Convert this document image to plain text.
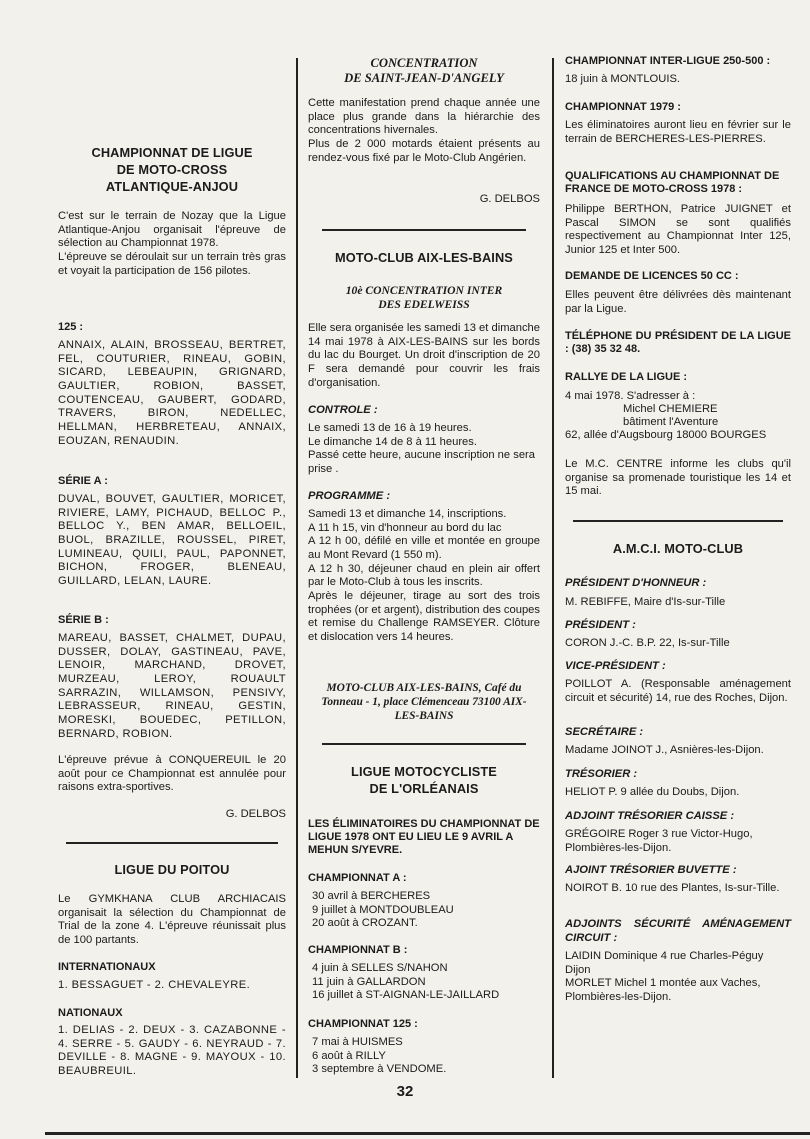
CHAMPIONNAT DE LIGUE
DE MOTO-CROSS
ATLANTIQUE-ANJOU
C'est sur le terrain de Nozay que la Ligue Atlantique-Anjou organisait l'épreuve de sélection au Championnat 1978.
L'épreuve se déroulait sur un terrain très gras et voyait la participation de 156 pilotes.
125 :
ANNAIX, ALAIN, BROSSEAU, BERTRET, FEL, COUTURIER, RINEAU, GOBIN, SICARD, LEBEAUPIN, GRIGNARD, GAULTIER, ROBION, BASSET, COUTENCEAU, GAUBERT, GODARD, TRAVERS, BIRON, NEDELLEC, HELLMAN, HERBRETEAU, ANNAIX, EOUZAN, RENAUDIN.
SÉRIE A :
DUVAL, BOUVET, GAULTIER, MORICET, RIVIERE, LAMY, PICHAUD, BELLOC P., BELLOC Y., BEN AMAR, BELLOEIL, BUOL, BRAZILLE, ROUSSEL, PIRET, LUMINEAU, QUILI, PAUL, PAPONNET, BICHON, FROGER, BLENEAU, GUILLARD, LELAN, LAURE.
SÉRIE B :
MAREAU, BASSET, CHALMET, DUPAU, DUSSER, DOLAY, GASTINEAU, PAVE, LENOIR, MARCHAND, DROVET, MURZEAU, LEROY, ROUAULT SARRAZIN, WILLAMSON, PENSIVY, LEBRASSEUR, RINEAU, GESTIN, MORESKI, BOUEDEC, PETILLON, BERNARD, ROBION.
L'épreuve prévue à CONQUEREUIL le 20 août pour ce Championnat est annulée pour raisons extra-sportives.
G. DELBOS
LIGUE DU POITOU
Le GYMKHANA CLUB ARCHIACAIS organisait la sélection du Championnat de Trial de la zone 4. L'épreuve réunissait plus de 100 partants.
INTERNATIONAUX
1. BESSAGUET - 2. CHEVALEYRE.
NATIONAUX
1. DELIAS - 2. DEUX - 3. CAZABONNE - 4. SERRE - 5. GAUDY - 6. NEYRAUD - 7. DEVILLE - 8. MAGNE - 9. MAYOUX - 10. BEAUBREUIL.
CONCENTRATION
DE SAINT-JEAN-D'ANGELY
Cette manifestation prend chaque année une place plus grande dans la hiérarchie des concentrations hivernales.
Plus de 2 000 motards étaient présents au rendez-vous fixé par le Moto-Club Angérien.
G. DELBOS
MOTO-CLUB AIX-LES-BAINS
10è CONCENTRATION INTER
DES EDELWEISS
Elle sera organisée les samedi 13 et dimanche 14 mai 1978 à AIX-LES-BAINS sur les bords du lac du Bourget. Un droit d'inscription de 20 F sera demandé pour couvrir les frais d'organisation.
CONTROLE :
Le samedi 13 de 16 à 19 heures.
Le dimanche 14 de 8 à 11 heures.
Passé cette heure, aucune inscription ne sera prise .
PROGRAMME :
Samedi 13 et dimanche 14, inscriptions.
A 11 h 15, vin d'honneur au bord du lac
A 12 h 00, défilé en ville et montée en groupe au Mont Revard (1 550 m).
A 12 h 30, déjeuner chaud en plein air offert par le Moto-Club à tous les inscrits.
Après le déjeuner, tirage au sort des trois trophées (or et argent), distribution des coupes et remise du Challenge RAMSEYER. Clôture et dislocation vers 14 heures.
MOTO-CLUB AIX-LES-BAINS, Café du Tonneau - 1, place Clémenceau 73100 AIX-LES-BAINS
LIGUE MOTOCYCLISTE
DE L'ORLÉANAIS
LES ÉLIMINATOIRES DU CHAMPIONNAT DE LIGUE 1978 ONT EU LIEU LE 9 AVRIL A MEHUN S/YEVRE.
CHAMPIONNAT A :
30 avril à BERCHERES
9 juillet à MONTDOUBLEAU
20 août à CROZANT.
CHAMPIONNAT B :
4 juin à SELLES S/NAHON
11 juin à GALLARDON
16 juillet à ST-AIGNAN-LE-JAILLARD
CHAMPIONNAT 125 :
7 mai à HUISMES
6 août à RILLY
3 septembre à VENDOME.
CHAMPIONNAT INTER-LIGUE 250-500 :
18 juin à MONTLOUIS.
CHAMPIONNAT 1979 :
Les éliminatoires auront lieu en février sur le terrain de BERCHERES-LES-PIERRES.
QUALIFICATIONS AU CHAMPIONNAT DE FRANCE DE MOTO-CROSS 1978 :
Philippe BERTHON, Patrice JUIGNET et Pascal SIMON se sont qualifiés respectivement au Championnat Inter 125, Junior 125 et Inter 500.
DEMANDE DE LICENCES 50 CC :
Elles peuvent être délivrées dès maintenant par la Ligue.
TÉLÉPHONE DU PRÉSIDENT DE LA LIGUE : (38) 35 32 48.
RALLYE DE LA LIGUE :
4 mai 1978. S'adresser à :
Michel CHEMIERE
bâtiment l'Aventure
62, allée d'Augsbourg 18000 BOURGES
Le M.C. CENTRE informe les clubs qu'il organise sa promenade touristique les 14 et 15 mai.
A.M.C.I. MOTO-CLUB
PRÉSIDENT D'HONNEUR :
M. REBIFFE, Maire d'Is-sur-Tille
PRÉSIDENT :
CORON J.-C. B.P. 22, Is-sur-Tille
VICE-PRÉSIDENT :
POILLOT A. (Responsable aménagement circuit et sécurité) 14, rue des Roches, Dijon.
SECRÉTAIRE :
Madame JOINOT J., Asnières-les-Dijon.
TRÉSORIER :
HELIOT P. 9 allée du Doubs, Dijon.
ADJOINT TRÉSORIER CAISSE :
GRÉGOIRE Roger 3 rue Victor-Hugo, Plombières-les-Dijon.
AJOINT TRÉSORIER BUVETTE :
NOIROT B. 10 rue des Plantes, Is-sur-Tille.
ADJOINTS SÉCURITÉ AMÉNAGEMENT CIRCUIT :
LAIDIN Dominique 4 rue Charles-Péguy Dijon
MORLET Michel 1 montée aux Vaches, Plombières-les-Dijon.
32
